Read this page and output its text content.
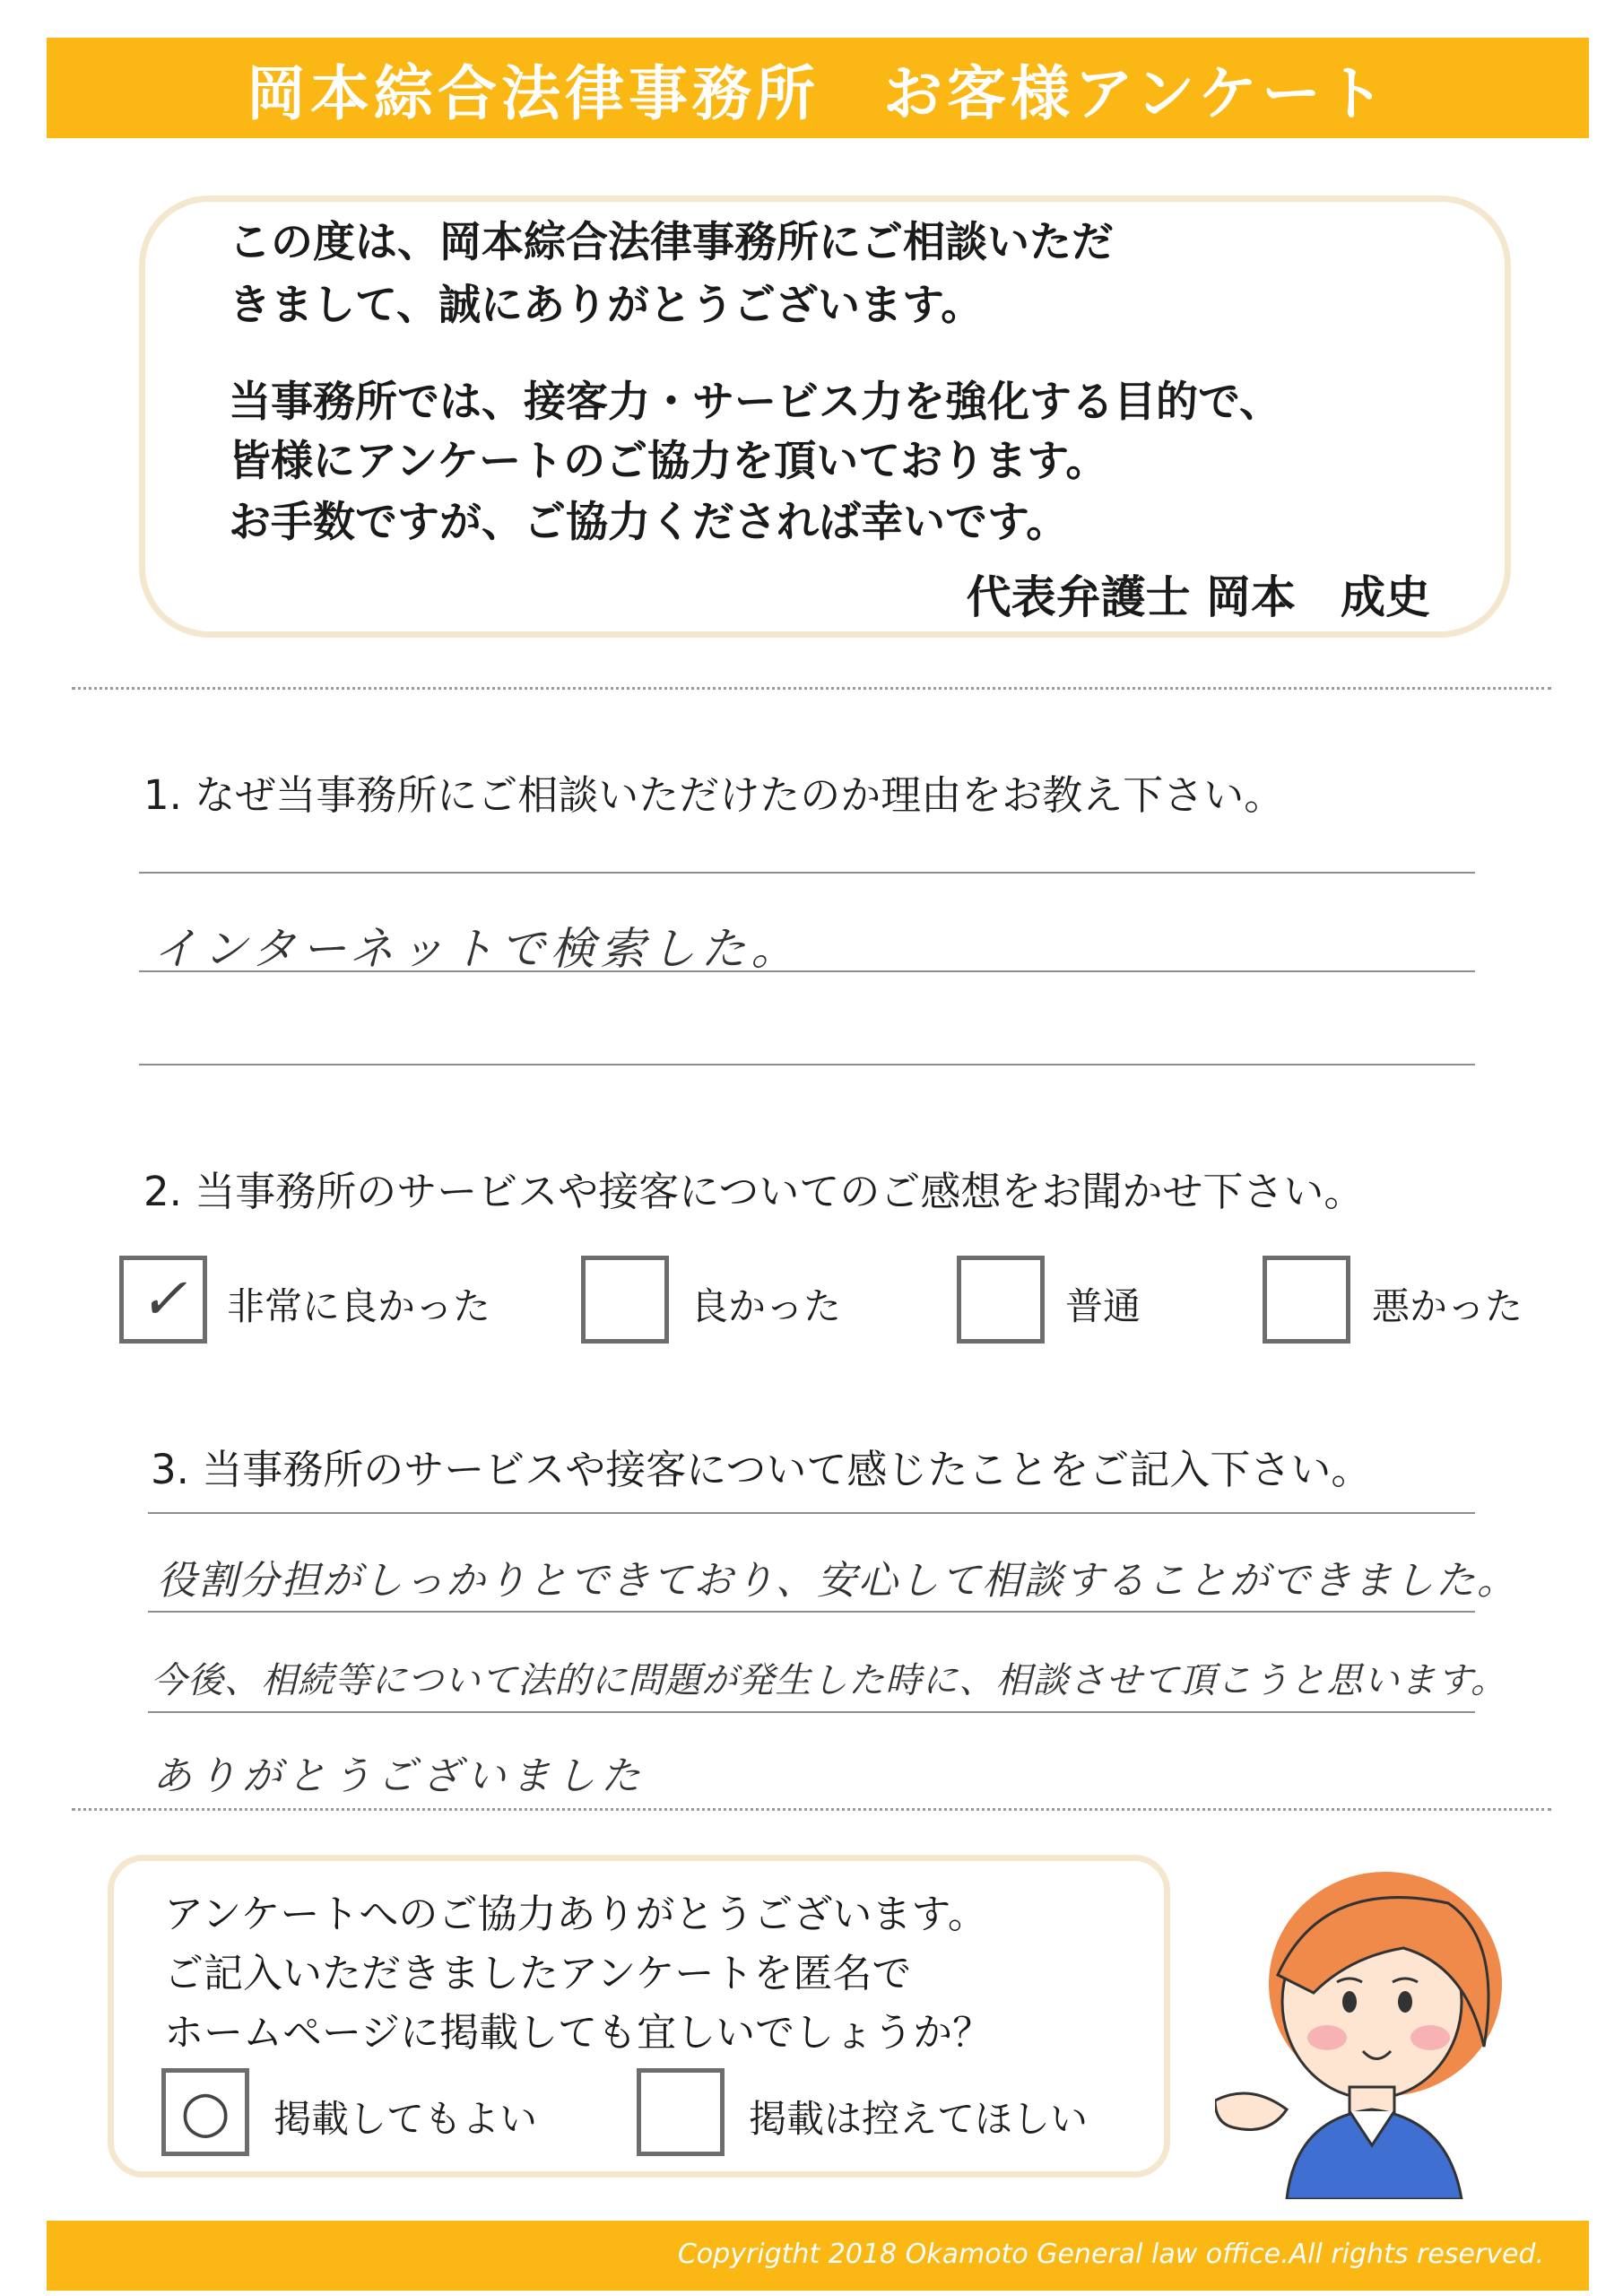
岡本綜合法律事務所　お客様アンケート
この度は、岡本綜合法律事務所にご相談いただ
きまして、誠にありがとうございます。
当事務所では、接客力・サービス力を強化する目的で、
皆様にアンケートのご協力を頂いております。
お手数ですが、ご協力くだされば幸いです。
代表弁護士 岡本　成史
1. なぜ当事務所にご相談いただけたのか理由をお教え下さい。
インターネットで検索した。
2. 当事務所のサービスや接客についてのご感想をお聞かせ下さい。
✓ 非常に良かった	良かった	普通	悪かった
3. 当事務所のサービスや接客について感じたことをご記入下さい。
役割分担がしっかりとできており、安心して相談することができました。
今後、相続等について法的に問題が発生した時に、相談させて頂こうと思います。
ありがとうございました
アンケートへのご協力ありがとうございます。
ご記入いただきましたアンケートを匿名で
ホームページに掲載しても宜しいでしょうか？
○ 掲載してもよい	掲載は控えてほしい
Copyrigtht 2018 Okamoto General law office.All rights reserved.
